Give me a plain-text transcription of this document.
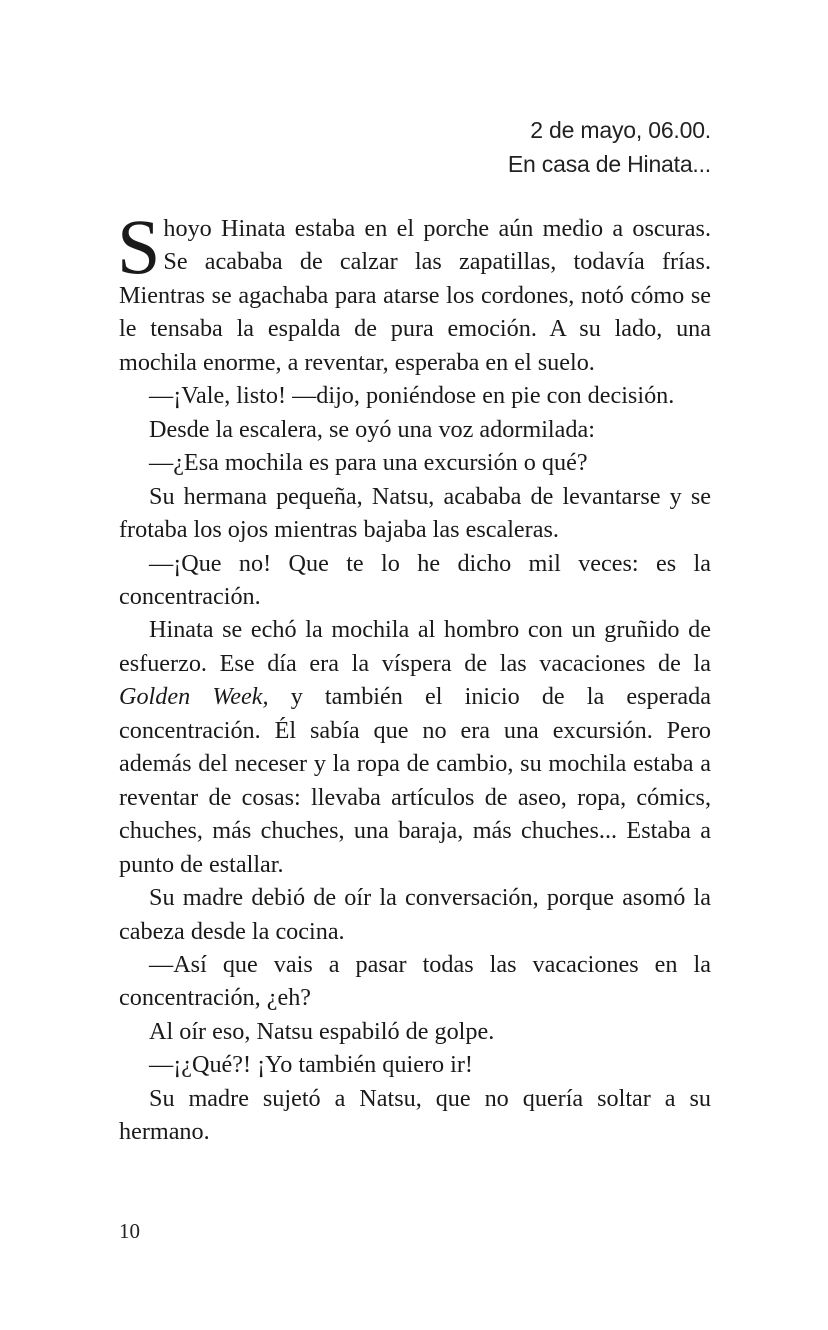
2 de mayo, 06.00.
En casa de Hinata...

Shoyo Hinata estaba en el porche aún medio a oscuras. Se acababa de calzar las zapatillas, todavía frías. Mientras se agachaba para atarse los cordones, notó cómo se le tensaba la espalda de pura emoción. A su lado, una mochila enorme, a reventar, esperaba en el suelo.

—¡Vale, listo! —dijo, poniéndose en pie con decisión.

Desde la escalera, se oyó una voz adormilada:

—¿Esa mochila es para una excursión o qué?

Su hermana pequeña, Natsu, acababa de levantarse y se frotaba los ojos mientras bajaba las escaleras.

—¡Que no! Que te lo he dicho mil veces: es la concentración.

Hinata se echó la mochila al hombro con un gruñido de esfuerzo. Ese día era la víspera de las vacaciones de la Golden Week, y también el inicio de la esperada concentración. Él sabía que no era una excursión. Pero además del neceser y la ropa de cambio, su mochila estaba a reventar de cosas: llevaba artículos de aseo, ropa, cómics, chuches, más chuches, una baraja, más chuches... Estaba a punto de estallar.

Su madre debió de oír la conversación, porque asomó la cabeza desde la cocina.

—Así que vais a pasar todas las vacaciones en la concentración, ¿eh?

Al oír eso, Natsu espabiló de golpe.

—¡¿Qué?! ¡Yo también quiero ir!

Su madre sujetó a Natsu, que no quería soltar a su hermano.

10
